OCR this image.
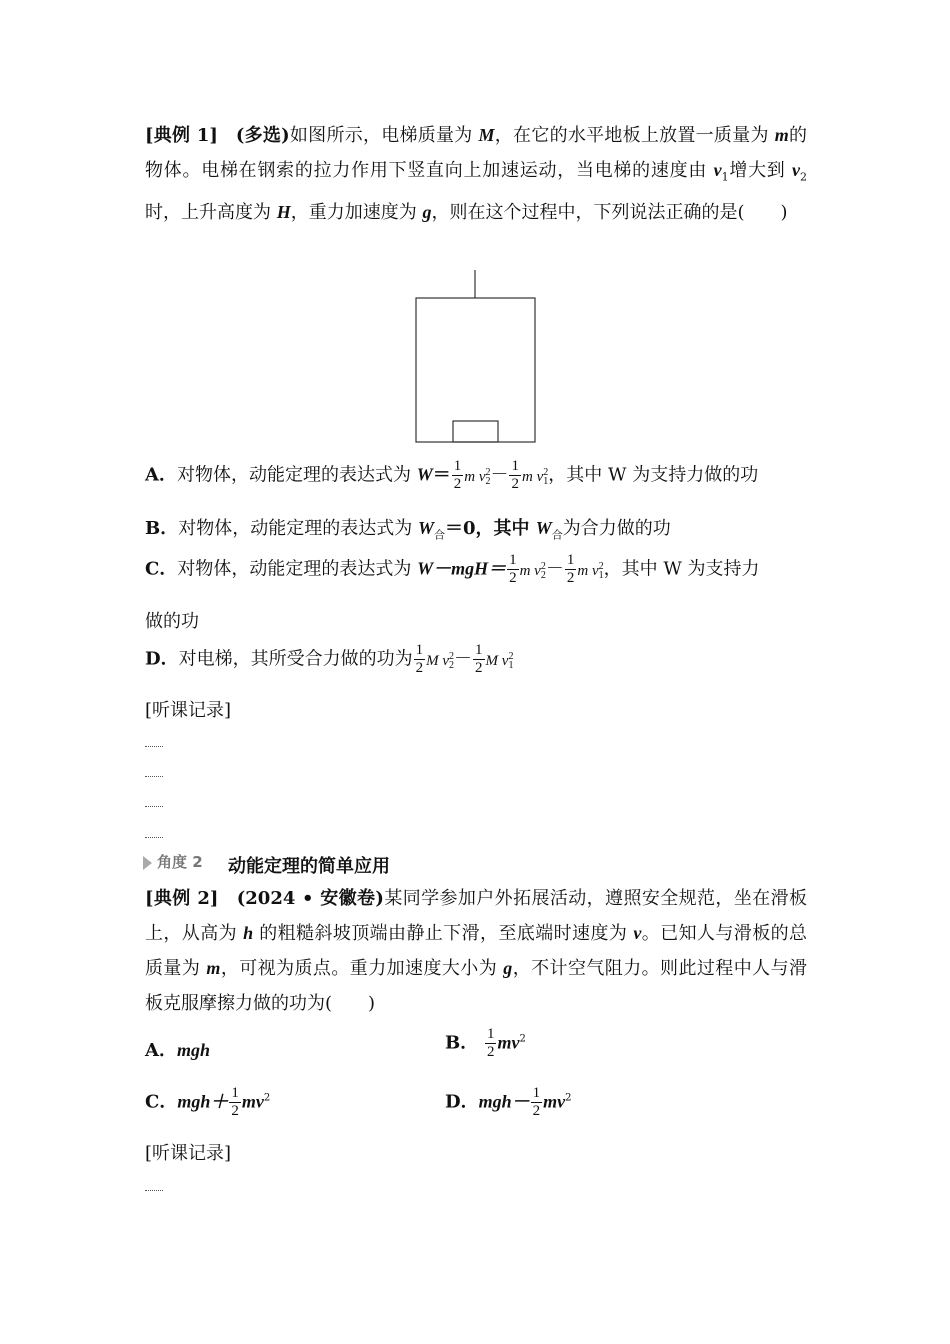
[典例 1] (多选)如图所示，电梯质量为 M，在它的水平地板上放置一质量为 m的物体。电梯在钢索的拉力作用下竖直向上加速运动，当电梯的速度由 $v_1$增大到 $v_2$时，上升高度为 H，重力加速度为 g，则在这个过程中，下列说法正确的是(　　)

A．对物体，动能定理的表达式为 $W= \frac{1}{2}$ m v 2
$2 - \frac{1}{2}$ m v 2
1 ，其中 W 为支持力做的功
B．对物体，动能定理的表达式为 $W_合=0$，其中 $W_合$为合力做的功
C．对物体，动能定理的表达式为 $W-mgH= \frac{1}{2}$ m v 2
$2 - \frac{1}{2}$ m v 2
1 ，其中 W 为支持力
做的功
D．对电梯，其所受合力做的功为 $\frac{1}{2}$ M v 2
$2 - \frac{1}{2}$ M v 2
1
[听课记录]
角度 2 动能定理的简单应用

[典例 2] (2024 • 安徽卷)某同学参加户外拓展活动，遵照安全规范，坐在滑板上，从高为 h 的粗糙斜坡顶端由静止下滑，至底端时速度为 v。已知人与滑板的总质量为 m，可视为质点。重力加速度大小为 g，不计空气阻力。则此过程中人与滑板克服摩擦力做的功为(　　)

A．mgh	B． $\frac{1}{2} mv^2$
C．$mgh+ \frac{1}{2} mv^2$	D．$mgh- \frac{1}{2} mv^2$
[听课记录]
